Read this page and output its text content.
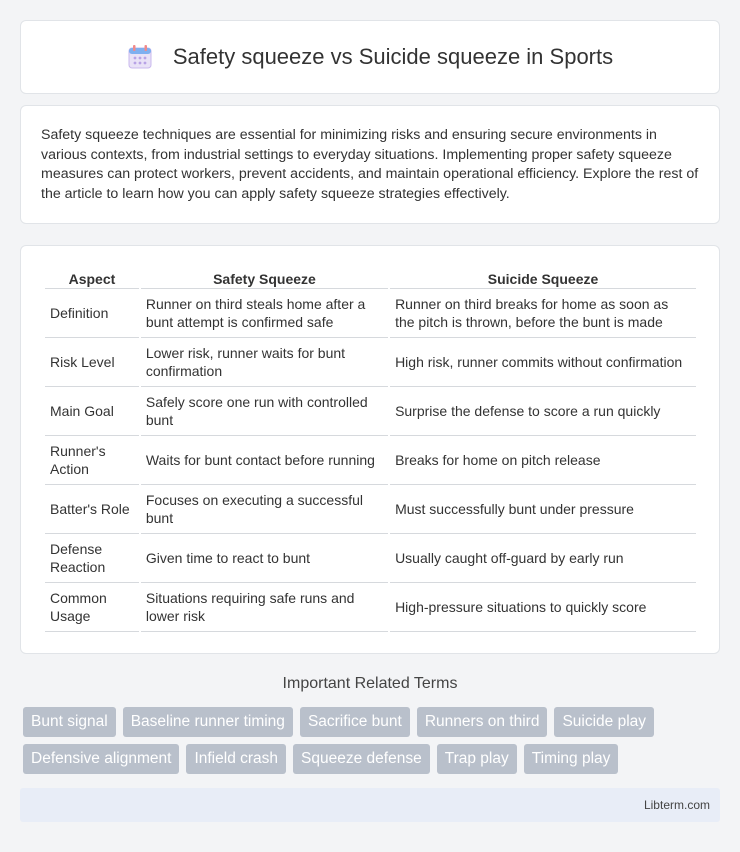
Safety squeeze vs Suicide squeeze in Sports

Safety squeeze techniques are essential for minimizing risks and ensuring secure environments in various contexts, from industrial settings to everyday situations. Implementing proper safety squeeze measures can protect workers, prevent accidents, and maintain operational efficiency. Explore the rest of the article to learn how you can apply safety squeeze strategies effectively.

Aspect	Safety Squeeze	Suicide Squeeze
Definition	Runner on third steals home after a bunt attempt is confirmed safe	Runner on third breaks for home as soon as the pitch is thrown, before the bunt is made
Risk Level	Lower risk, runner waits for bunt confirmation	High risk, runner commits without confirmation
Main Goal	Safely score one run with controlled bunt	Surprise the defense to score a run quickly
Runner's Action	Waits for bunt contact before running	Breaks for home on pitch release
Batter's Role	Focuses on executing a successful bunt	Must successfully bunt under pressure
Defense Reaction	Given time to react to bunt	Usually caught off-guard by early run
Common Usage	Situations requiring safe runs and lower risk	High-pressure situations to quickly score
Important Related Terms
Bunt signal	Baseline runner timing	Sacrifice bunt	Runners on third	Suicide play
Defensive alignment	Infield crash	Squeeze defense	Trap play	Timing play
Libterm.com
